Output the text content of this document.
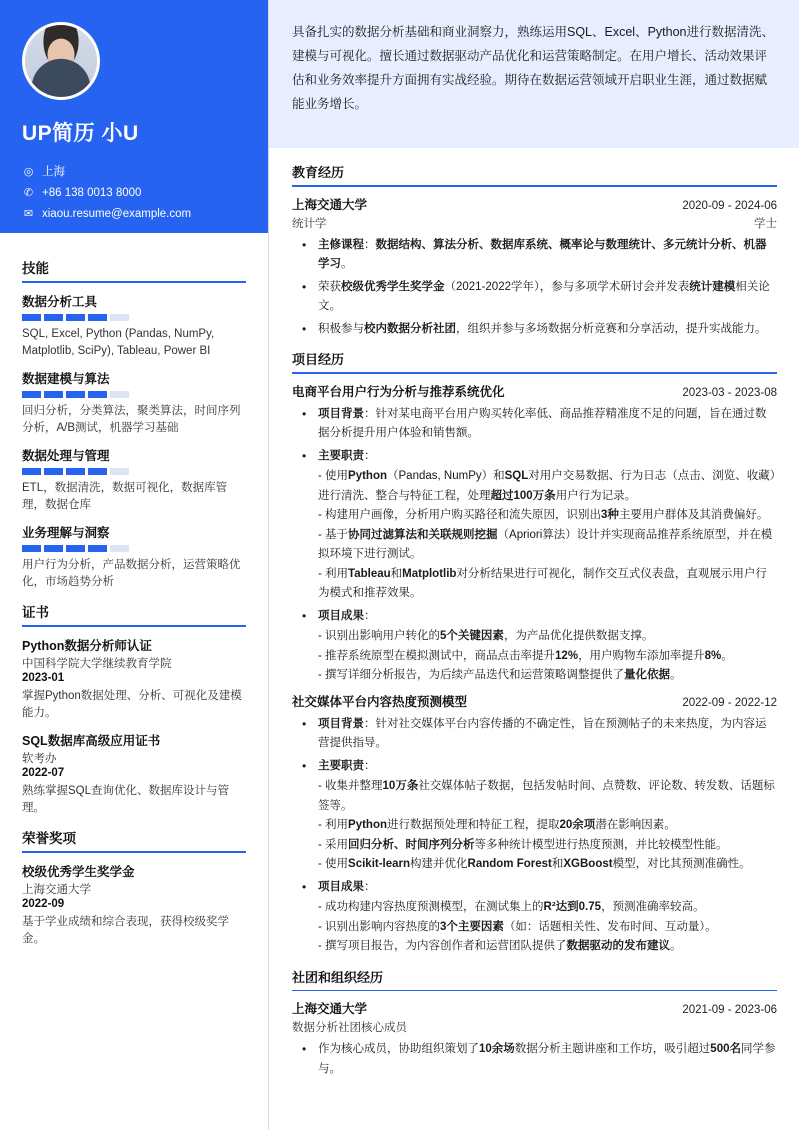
UP简历 小U
◎ 上海
✆ +86 138 0013 8000
✉ xiaou.resume@example.com
技能
数据分析工具
SQL, Excel, Python (Pandas, NumPy, Matplotlib, SciPy), Tableau, Power BI
数据建模与算法
回归分析，分类算法，聚类算法，时间序列分析，A/B测试，机器学习基础
数据处理与管理
ETL，数据清洗，数据可视化，数据库管理，数据仓库
业务理解与洞察
用户行为分析，产品数据分析，运营策略优化，市场趋势分析
证书
Python数据分析师认证
中国科学院大学继续教育学院
2023-01
掌握Python数据处理、分析、可视化及建模能力。
SQL数据库高级应用证书
软考办
2022-07
熟练掌握SQL查询优化、数据库设计与管理。
荣誉奖项
校级优秀学生奖学金
上海交通大学
2022-09
基于学业成绩和综合表现，获得校级奖学金。
具备扎实的数据分析基础和商业洞察力，熟练运用SQL、Excel、Python进行数据清洗、建模与可视化。擅长通过数据驱动产品优化和运营策略制定。在用户增长、活动效果评估和业务效率提升方面拥有实战经验。期待在数据运营领域开启职业生涯，通过数据赋能业务增长。
教育经历
上海交通大学	2020-09 - 2024-06
统计学	学士
• 主修课程：数据结构、算法分析、数据库系统、概率论与数理统计、多元统计分析、机器学习。
• 荣获校级优秀学生奖学金（2021-2022学年），参与多项学术研讨会并发表统计建模相关论文。
• 积极参与校内数据分析社团，组织并参与多场数据分析竞赛和分享活动，提升实战能力。
项目经历
电商平台用户行为分析与推荐系统优化	2023-03 - 2023-08
• 项目背景：针对某电商平台用户购买转化率低、商品推荐精准度不足的问题，旨在通过数据分析提升用户体验和销售额。
• 主要职责：
- 使用Python（Pandas, NumPy）和SQL对用户交易数据、行为日志（点击、浏览、收藏）进行清洗、整合与特征工程，处理超过100万条用户行为记录。
- 构建用户画像，分析用户购买路径和流失原因，识别出3种主要用户群体及其消费偏好。
- 基于协同过滤算法和关联规则挖掘（Apriori算法）设计并实现商品推荐系统原型，并在模拟环境下进行测试。
- 利用Tableau和Matplotlib对分析结果进行可视化，制作交互式仪表盘，直观展示用户行为模式和推荐效果。
• 项目成果：
- 识别出影响用户转化的5个关键因素，为产品优化提供数据支撑。
- 推荐系统原型在模拟测试中，商品点击率提升12%，用户购物车添加率提升8%。
- 撰写详细分析报告，为后续产品迭代和运营策略调整提供了量化依据。
社交媒体平台内容热度预测模型	2022-09 - 2022-12
• 项目背景：针对社交媒体平台内容传播的不确定性，旨在预测帖子的未来热度，为内容运营提供指导。
• 主要职责：
- 收集并整理10万条社交媒体帖子数据，包括发帖时间、点赞数、评论数、转发数、话题标签等。
- 利用Python进行数据预处理和特征工程，提取20余项潜在影响因素。
- 采用回归分析、时间序列分析等多种统计模型进行热度预测，并比较模型性能。
- 使用Scikit-learn构建并优化Random Forest和XGBoost模型，对比其预测准确性。
• 项目成果：
- 成功构建内容热度预测模型，在测试集上的R²达到0.75，预测准确率较高。
- 识别出影响内容热度的3个主要因素（如：话题相关性、发布时间、互动量）。
- 撰写项目报告，为内容创作者和运营团队提供了数据驱动的发布建议。
社团和组织经历
上海交通大学	2021-09 - 2023-06
数据分析社团核心成员
• 作为核心成员，协助组织策划了10余场数据分析主题讲座和工作坊，吸引超过500名同学参与。
